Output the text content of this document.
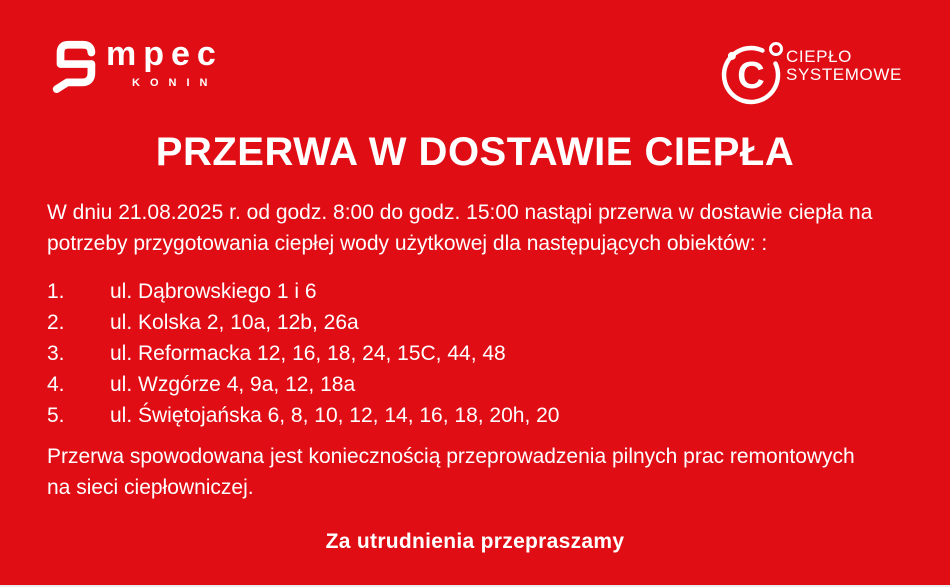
mpec
KONIN	C CIEPŁO
SYSTEMOWE
PRZERWA W DOSTAWIE CIEPŁA
W dniu 21.08.2025 r. od godz. 8:00 do godz. 15:00 nastąpi przerwa w dostawie ciepła na potrzeby przygotowania ciepłej wody użytkowej dla następujących obiektów: :
1.	ul. Dąbrowskiego 1 i 6
2.	ul. Kolska 2, 10a, 12b, 26a
3.	ul. Reformacka 12, 16, 18, 24, 15C, 44, 48
4.	ul. Wzgórze 4, 9a, 12, 18a
5.	ul. Świętojańska 6, 8, 10, 12, 14, 16, 18, 20h, 20
Przerwa spowodowana jest koniecznością przeprowadzenia pilnych prac remontowych na sieci ciepłowniczej.
Za utrudnienia przepraszamy
